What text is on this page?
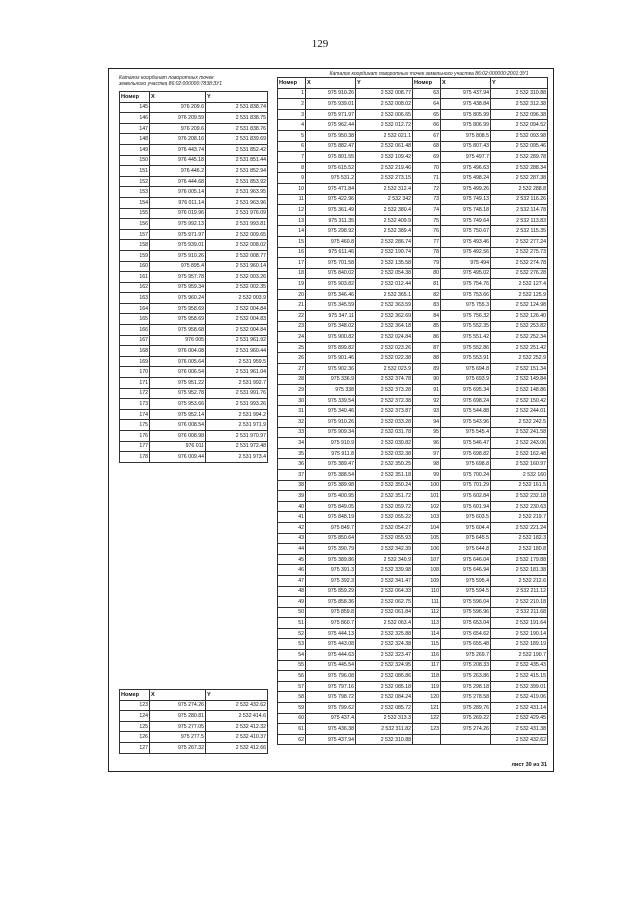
129
Каталог координат поворотных точек
земельного участка 86:02:000000:7838:ЗУ1
Номер	X	Y
145	976 209.6	2 531 838.74
146	976 209.59	2 531 838.75
147	976 209.6	2 531 838.76
148	976 208.16	2 531 839.69
149	976 443.74	2 531 852.42
150	976 445.18	2 531 851.44
151	976 446.2	2 531 852.94
152	976 444.68	2 531 853.92
153	976 005.14	2 531 963.95
154	976 011.14	2 531 963.96
155	976 019.96	2 531 976.09
156	975 992.13	2 531 993.81
157	975 971.97	2 532 009.65
158	975 939.01	2 532 008.02
159	975 910.26	2 532 008.77
160	975 895.4	2 531 960.14
161	975 957.78	2 532 003.26
162	975 959.34	2 532 002.35
163	975 960.24	2 532 003.9
164	975 958.69	2 532 004.84
165	975 958.69	2 532 004.83
166	975 958.68	2 532 004.84
167	976 005	2 531 961.92
168	976 004.08	2 531 960.44
169	976 005.64	2 531 959.5
170	976 006.54	2 531 961.04
171	975 951.22	2 531 992.7
172	975 952.78	2 531 991.76
173	975 953.66	2 531 993.26
174	975 952.14	2 531 994.2
175	976 008.54	2 531 971.9
176	976 008.98	2 531 970.97
177	976 011	2 531 972.48
178	976 009.44	2 531 973.4
Номер	X	Y
123	975 274.26	2 532 432.62
124	975 280.81	2 532 414.6
125	975 277.05	2 532 412.32
126	975 277.5	2 532 410.37
127	975 267.32	2 532 412.66
Каталог координат поворотных точек земельного участка 86:02:000000:2001:ЗУ1
Номер	X	Y	Номер	X	Y
1	975 910.26	2 532 008.77	63	975 437.94	2 532 310.88
2	975 939.01	2 532 008.02	64	975 438.84	2 532 312.38
3	975 971.97	2 532 006.65	65	975 805.99	2 532 096.38
4	975 962.44	2 532 012.72	66	975 806.99	2 532 094.52
5	975 950.38	2 532 021.1	67	975 808.5	2 532 093.98
6	975 882.47	2 532 061.48	68	975 807.43	2 532 095.46
7	975 801.55	2 532 109.42	69	975 497.7	2 532 289.78
8	975 615.52	2 532 219.46	70	975 496.63	2 532 288.34
9	975 531.2	2 532 273.15	71	975 498.24	2 532 287.38
10	975 471.84	2 532 312.4	72	975 499.26	2 532 288.8
11	975 422.96	2 532 342	73	975 749.13	2 532 116.26
12	975 361.49	2 532 380.4	74	975 748.18	2 532 114.78
13	975 311.35	2 532 409.9	75	975 749.64	2 532 113.83
14	975 298.92	2 532 389.4	76	975 750.67	2 532 115.35
15	975 460.8	2 532 286.74	77	975 493.46	2 532 277.24
16	975 611.46	2 532 190.74	78	975 492.56	2 532 275.73
17	975 701.58	2 532 135.58	79	975 494	2 532 274.78
18	975 840.02	2 532 054.38	80	975 495.02	2 532 276.28
19	975 903.82	2 532 012.44	81	975 754.76	2 532 127.4
20	975 346.46	2 532 365.1	82	975 753.66	2 532 125.9
21	975 345.59	2 532 363.59	83	975 755.3	2 532 124.98
22	975 347.11	2 532 362.69	84	975 756.32	2 532 126.40
23	975 348.02	2 532 364.18	85	975 552.35	2 532 253.82
24	975 900.82	2 532 024.84	86	975 551.42	2 532 252.34
25	975 899.82	2 532 023.26	87	975 552.86	2 532 251.42
26	975 901.46	2 532 022.38	88	975 553.91	2 532 252.9
27	975 902.36	2 532 023.9	89	975 694.8	2 532 151.34
28	975 336.9	2 532 374.78	90	975 693.9	2 532 149.84
29	975 338	2 532 373.28	91	975 695.34	2 532 148.86
30	975 339.54	2 532 372.38	92	975 698.24	2 532 150.42
31	975 340.46	2 532 373.87	93	975 544.88	2 532 244.01
32	975 910.26	2 532 033.28	94	975 543.96	2 532 242.5
33	975 909.34	2 532 031.78	95	975 545.4	2 532 241.58
34	975 910.9	2 532 030.82	96	975 546.47	2 532 243.06
35	975 911.8	2 532 032.38	97	975 698.82	2 532 162.48
36	975 389.47	2 532 350.25	98	975 698.8	2 532 160.97
37	975 388.54	2 532 351.18	99	975 700.24	2 532 160
38	975 389.98	2 532 350.24	100	975 701.29	2 532 161.5
39	975 400.95	2 532 351.72	101	975 602.84	2 532 232.18
40	975 849.05	2 532 059.72	102	975 601.94	2 532 230.63
41	975 848.19	2 532 055.22	103	975 603.5	2 532 219.7
42	975 849.7	2 532 054.27	104	975 604.4	2 532 221.24
43	975 850.64	2 532 055.93	105	975 645.5	2 532 182.3
44	975 390.79	2 532 342.39	106	975 644.8	2 532 180.8
45	975 389.86	2 532 340.9	107	975 646.04	2 532 179.88
46	975 391.3	2 532 339.98	108	975 646.94	2 532 181.38
47	975 392.3	2 532 341.47	109	975 595.4	2 532 212.6
48	975 859.29	2 532 064.33	110	975 594.5	2 532 211.12
49	975 858.36	2 532 062.75	111	975 596.04	2 532 210.18
50	975 859.8	2 532 061.84	112	975 596.96	2 532 211.68
51	975 860.7	2 532 063.4	113	975 653.04	2 532 191.64
52	975 444.13	2 532 325.88	114	975 654.62	2 532 190.14
53	975 443.08	2 532 324.38	115	975 655.48	2 532 189.19
54	975 444.63	2 532 323.47	116	975 269.7	2 532 190.7
55	975 445.54	2 532 324.95	117	975 208.33	2 532 435.43
56	975 796.08	2 532 086.86	118	975 263.86	2 532 415.15
57	975 797.16	2 532 085.18	119	975 298.18	2 532 399.01
58	975 798.72	2 532 084.24	120	975 278.58	2 532 419.06
59	975 799.62	2 532 085.72	121	975 289.76	2 532 431.14
60	975 437.4	2 532 313.3	122	975 269.22	2 532 429.45
61	975 436.38	2 532 311.82	123	975 274.26	2 532 431.38
62	975 437.94	2 532 310.88			2 532 432.62
лист 30 из 31
